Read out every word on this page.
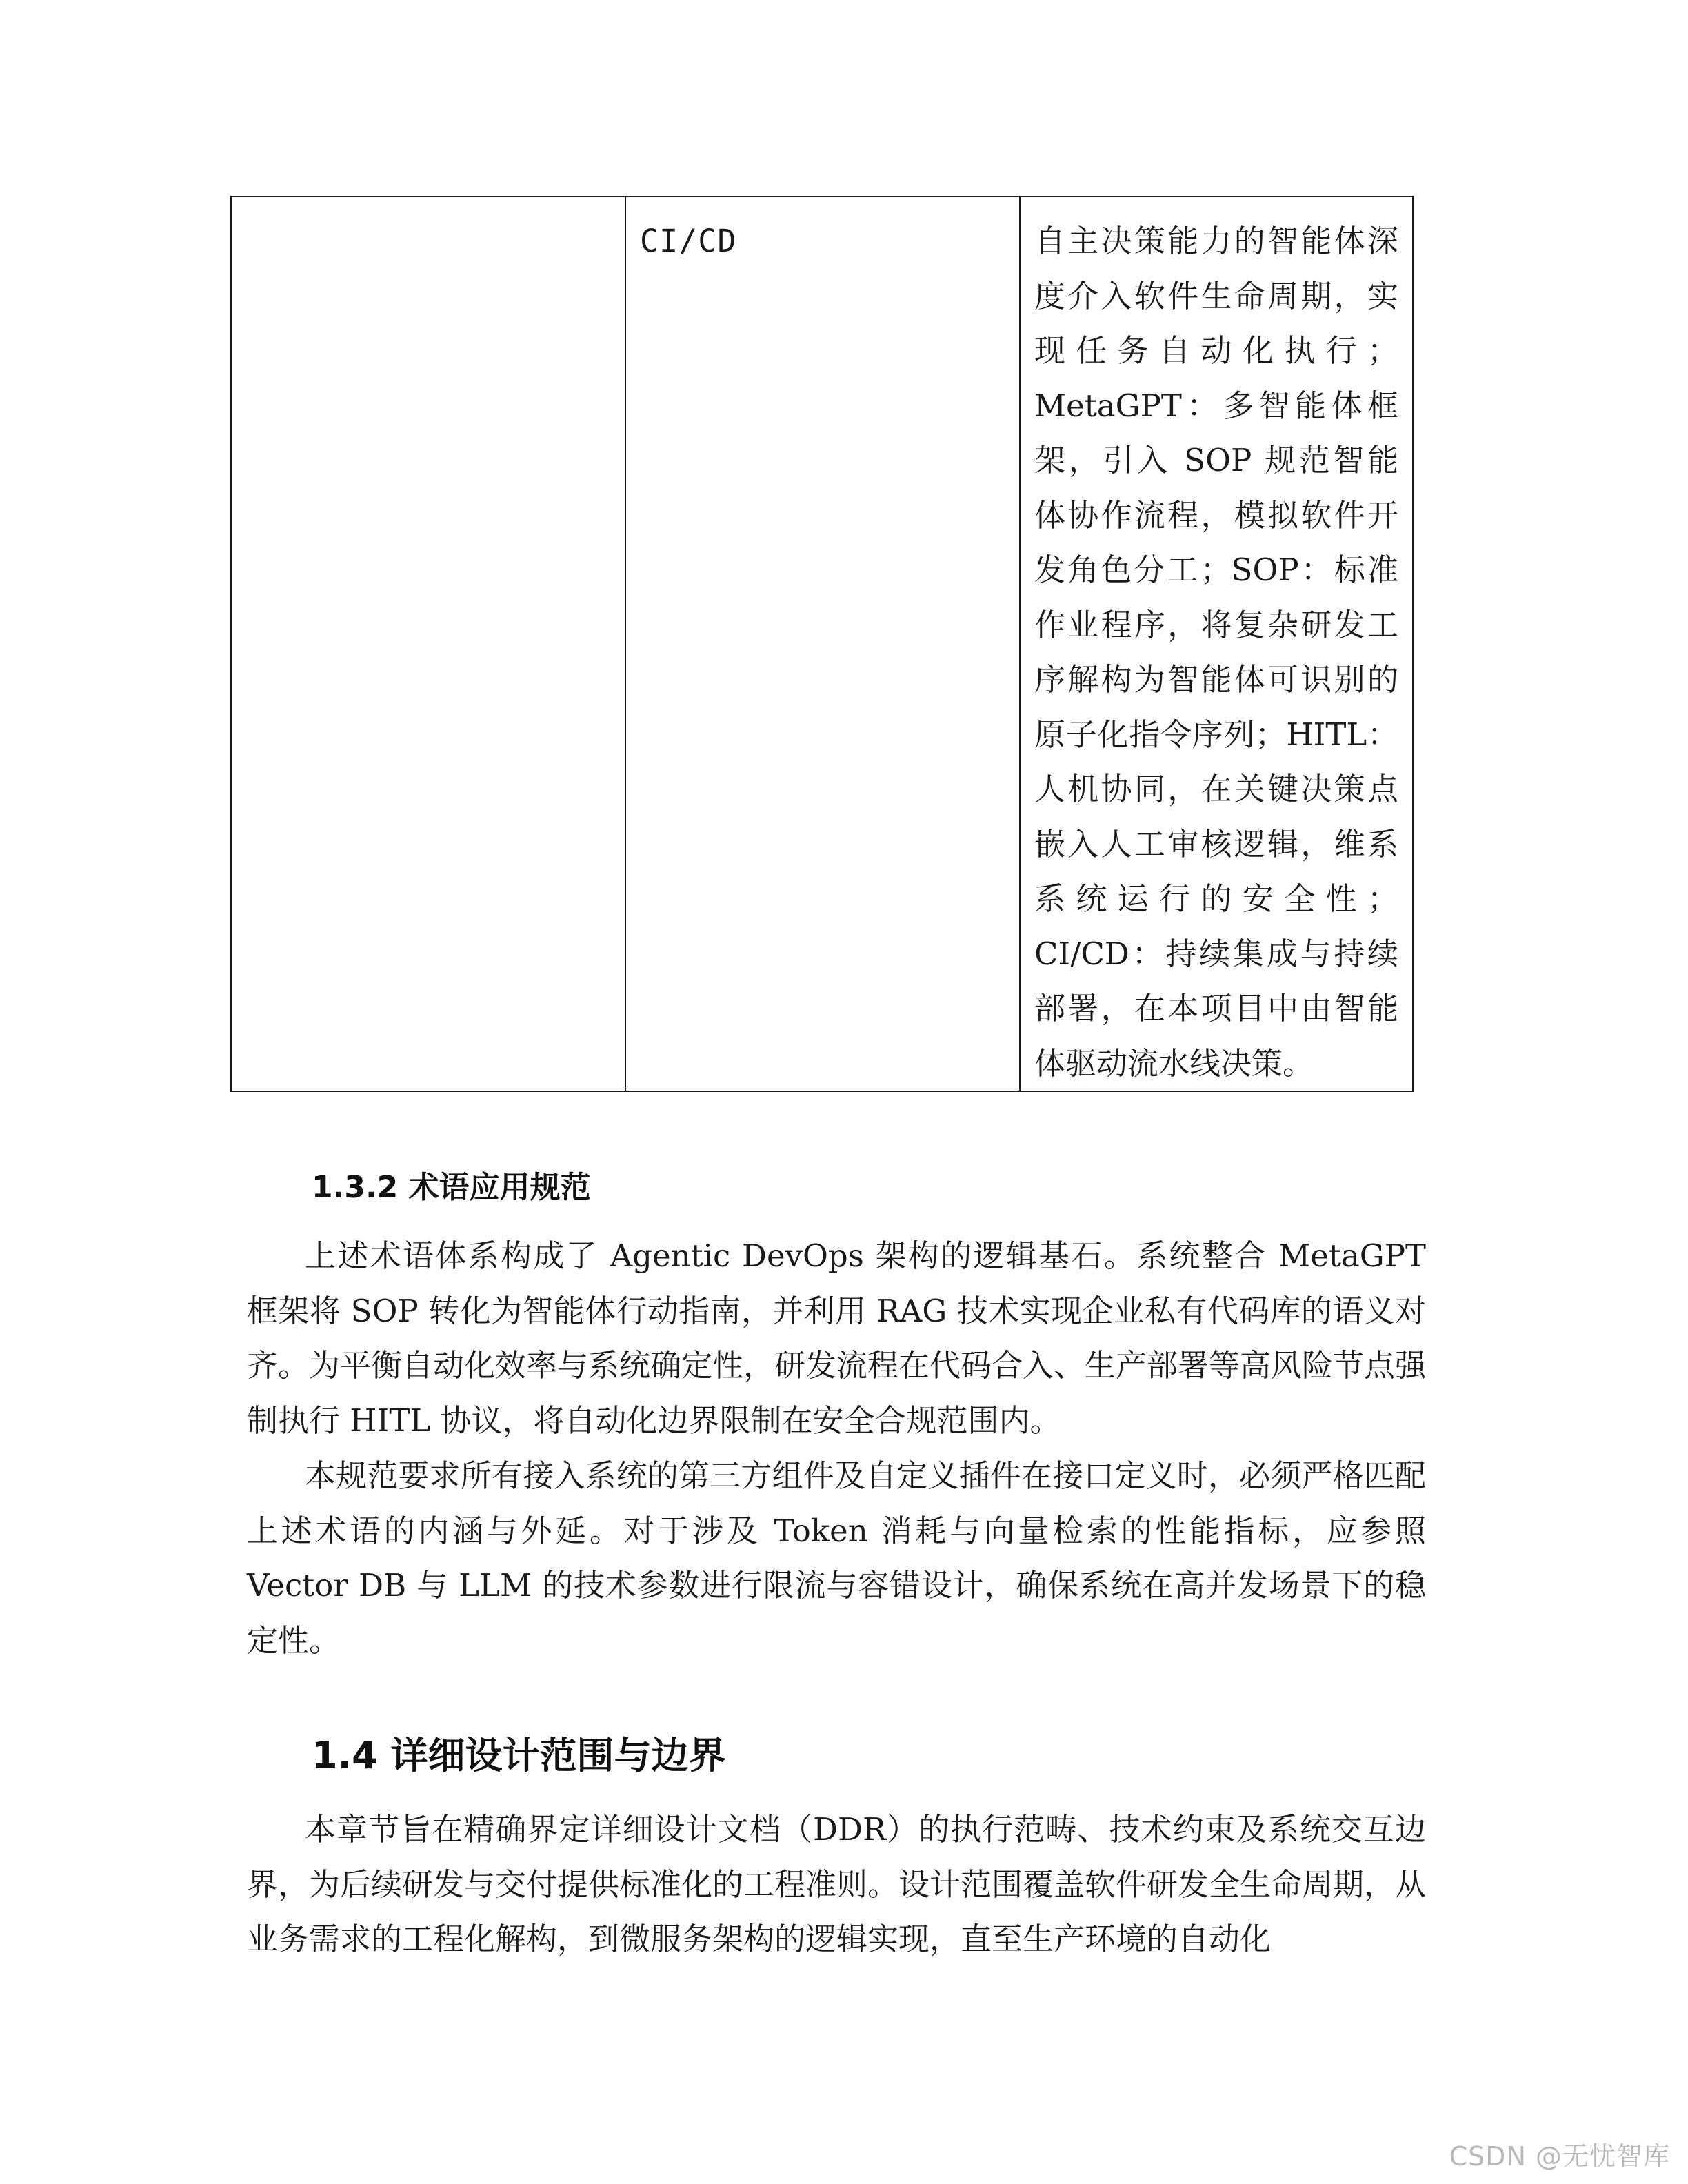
	CI/CD	自主决策能力的智能体深度介入软件生命周期，实现任务自动化执行；MetaGPT：多智能体框架，引入 SOP 规范智能体协作流程，模拟软件开发角色分工；SOP：标准作业程序，将复杂研发工序解构为智能体可识别的原子化指令序列；HITL：人机协同，在关键决策点嵌入人工审核逻辑，维系系统运行的安全性；CI/CD：持续集成与持续部署，在本项目中由智能体驱动流水线决策。
1.3.2 术语应用规范

上述术语体系构成了 Agentic DevOps 架构的逻辑基石。系统整合 MetaGPT 框架将 SOP 转化为智能体行动指南，并利用 RAG 技术实现企业私有代码库的语义对齐。为平衡自动化效率与系统确定性，研发流程在代码合入、生产部署等高风险节点强制执行 HITL 协议，将自动化边界限制在安全合规范围内。

本规范要求所有接入系统的第三方组件及自定义插件在接口定义时，必须严格匹配上述术语的内涵与外延。对于涉及 Token 消耗与向量检索的性能指标，应参照 Vector DB 与 LLM 的技术参数进行限流与容错设计，确保系统在高并发场景下的稳定性。

1.4 详细设计范围与边界

本章节旨在精确界定详细设计文档（DDR）的执行范畴、技术约束及系统交互边界，为后续研发与交付提供标准化的工程准则。设计范围覆盖软件研发全生命周期，从业务需求的工程化解构，到微服务架构的逻辑实现，直至生产环境的自动化

CSDN @无忧智库
